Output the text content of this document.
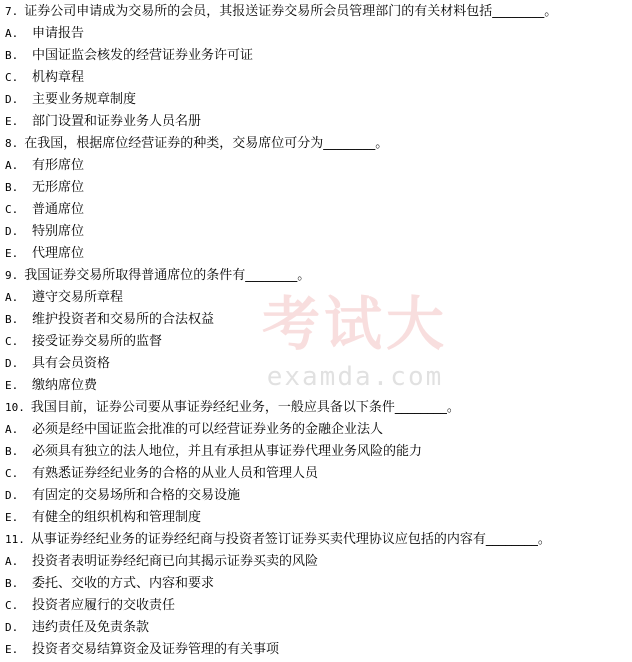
7. 证券公司申请成为交易所的会员，其报送证券交易所会员管理部门的有关材料包括 ________。
A.	申请报告
B.	中国证监会核发的经营证券业务许可证
C.	机构章程
D.	主要业务规章制度
E.	部门设置和证券业务人员名册
8. 在我国，根据席位经营证券的种类，交易席位可分为 ________。
A.	有形席位
B.	无形席位
C.	普通席位
D.	特别席位
E.	代理席位
9. 我国证券交易所取得普通席位的条件有 ________。
A.	遵守交易所章程
B.	维护投资者和交易所的合法权益
C.	接受证券交易所的监督
D.	具有会员资格
E.	缴纳席位费
10. 我国目前，证券公司要从事证券经纪业务，一般应具备以下条件 ________。
A.	必须是经中国证监会批准的可以经营证券业务的金融企业法人
B.	必须具有独立的法人地位，并且有承担从事证券代理业务风险的能力
C.	有熟悉证券经纪业务的合格的从业人员和管理人员
D.	有固定的交易场所和合格的交易设施
E.	有健全的组织机构和管理制度
11. 从事证券经纪业务的证券经纪商与投资者签订证券买卖代理协议应包括的内容有 ________。
A.	投资者表明证券经纪商已向其揭示证券买卖的风险
B.	委托、交收的方式、内容和要求
C.	投资者应履行的交收责任
D.	违约责任及免责条款
E.	投资者交易结算资金及证券管理的有关事项
考试大
examda.com
